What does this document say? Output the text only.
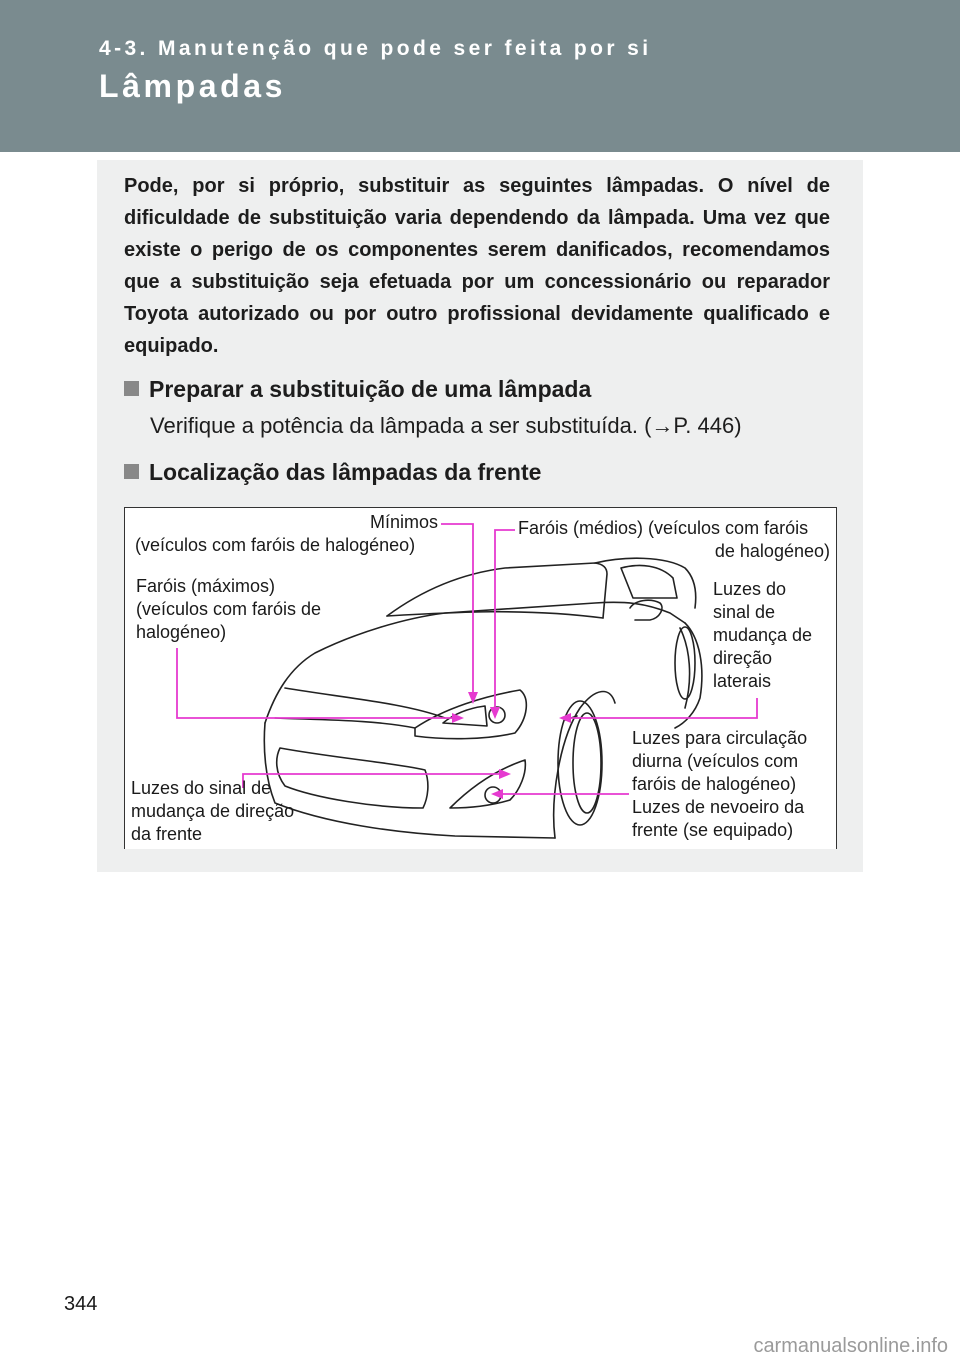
4-3. Manutenção que pode ser feita por si
Lâmpadas

Pode, por si próprio, substituir as seguintes lâmpadas. O nível de dificuldade de substituição varia dependendo da lâmpada. Uma vez que existe o perigo de os componentes serem danificados, recomendamos que a substituição seja efetuada por um concessionário ou reparador Toyota autorizado ou por outro profissional devidamente qualificado e equipado.

Preparar a substituição de uma lâmpada
Verifique a potência da lâmpada a ser substituída. (→P. 446)
Localização das lâmpadas da frente
Mínimos
(veículos com faróis de halogéneo)
Faróis (médios) (veículos com faróis
de halogéneo)
Faróis (máximos)
(veículos com faróis de
halogéneo)
Luzes do
sinal de
mudança de
direção
laterais
Luzes para circulação
diurna (veículos com
faróis de halogéneo)
Luzes de nevoeiro da
frente (se equipado)
Luzes do sinal de
mudança de direção
da frente
344
carmanualsonline.info
